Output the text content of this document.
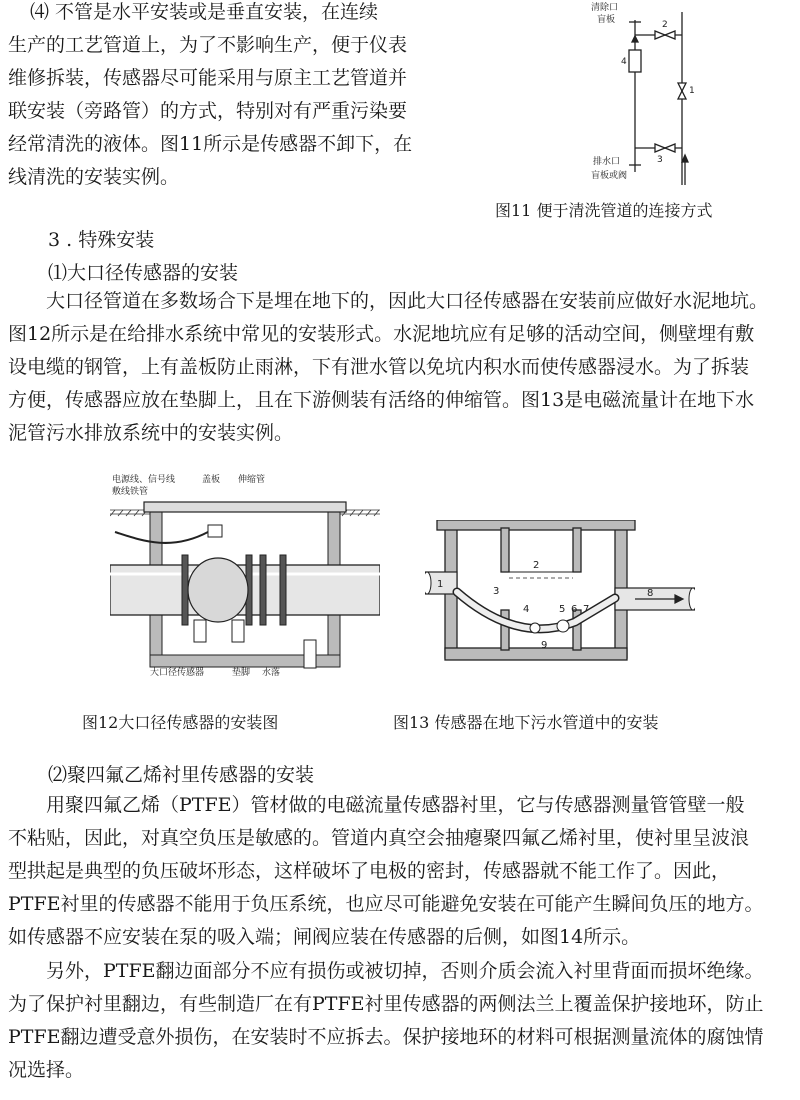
⑷ 不管是水平安装或是垂直安装，在连续
生产的工艺管道上，为了不影响生产，便于仪表
维修拆装，传感器尽可能采用与原主工艺管道并
联安装（旁路管）的方式，特别对有严重污染要
经常清洗的液体。图11所示是传感器不卸下，在
线清洗的安装实例。
清除口
盲板
4
2
1
3
排水口
盲板或阀
图11 便于清洗管道的连接方式
3 . 特殊安装
⑴大口径传感器的安装
大口径管道在多数场合下是埋在地下的，因此大口径传感器在安装前应做好水泥地坑。
图12所示是在给排水系统中常见的安装形式。水泥地坑应有足够的活动空间，侧壁埋有敷
设电缆的钢管，上有盖板防止雨淋，下有泄水管以免坑内积水而使传感器浸水。为了拆装
方便，传感器应放在垫脚上，且在下游侧装有活络的伸缩管。图13是电磁流量计在地下水
泥管污水排放系统中的安装实例。
电源线、信号线
敷线铁管
盖板 伸缩管
大口径传感器	垫脚 水落
图12大口径传感器的安装图
2
1
3
4	5 6 7
8
9
图13 传感器在地下污水管道中的安装
⑵聚四氟乙烯衬里传感器的安装
用聚四氟乙烯（PTFE）管材做的电磁流量传感器衬里，它与传感器测量管管壁一般
不粘贴，因此，对真空负压是敏感的。管道内真空会抽瘪聚四氟乙烯衬里，使衬里呈波浪
型拱起是典型的负压破坏形态，这样破坏了电极的密封，传感器就不能工作了。因此，
PTFE衬里的传感器不能用于负压系统，也应尽可能避免安装在可能产生瞬间负压的地方。
如传感器不应安装在泵的吸入端；闸阀应装在传感器的后侧，如图14所示。
另外，PTFE翻边面部分不应有损伤或被切掉，否则介质会流入衬里背面而损坏绝缘。
为了保护衬里翻边，有些制造厂在有PTFE衬里传感器的两侧法兰上覆盖保护接地环，防止
PTFE翻边遭受意外损伤，在安装时不应拆去。保护接地环的材料可根据测量流体的腐蚀情
况选择。
